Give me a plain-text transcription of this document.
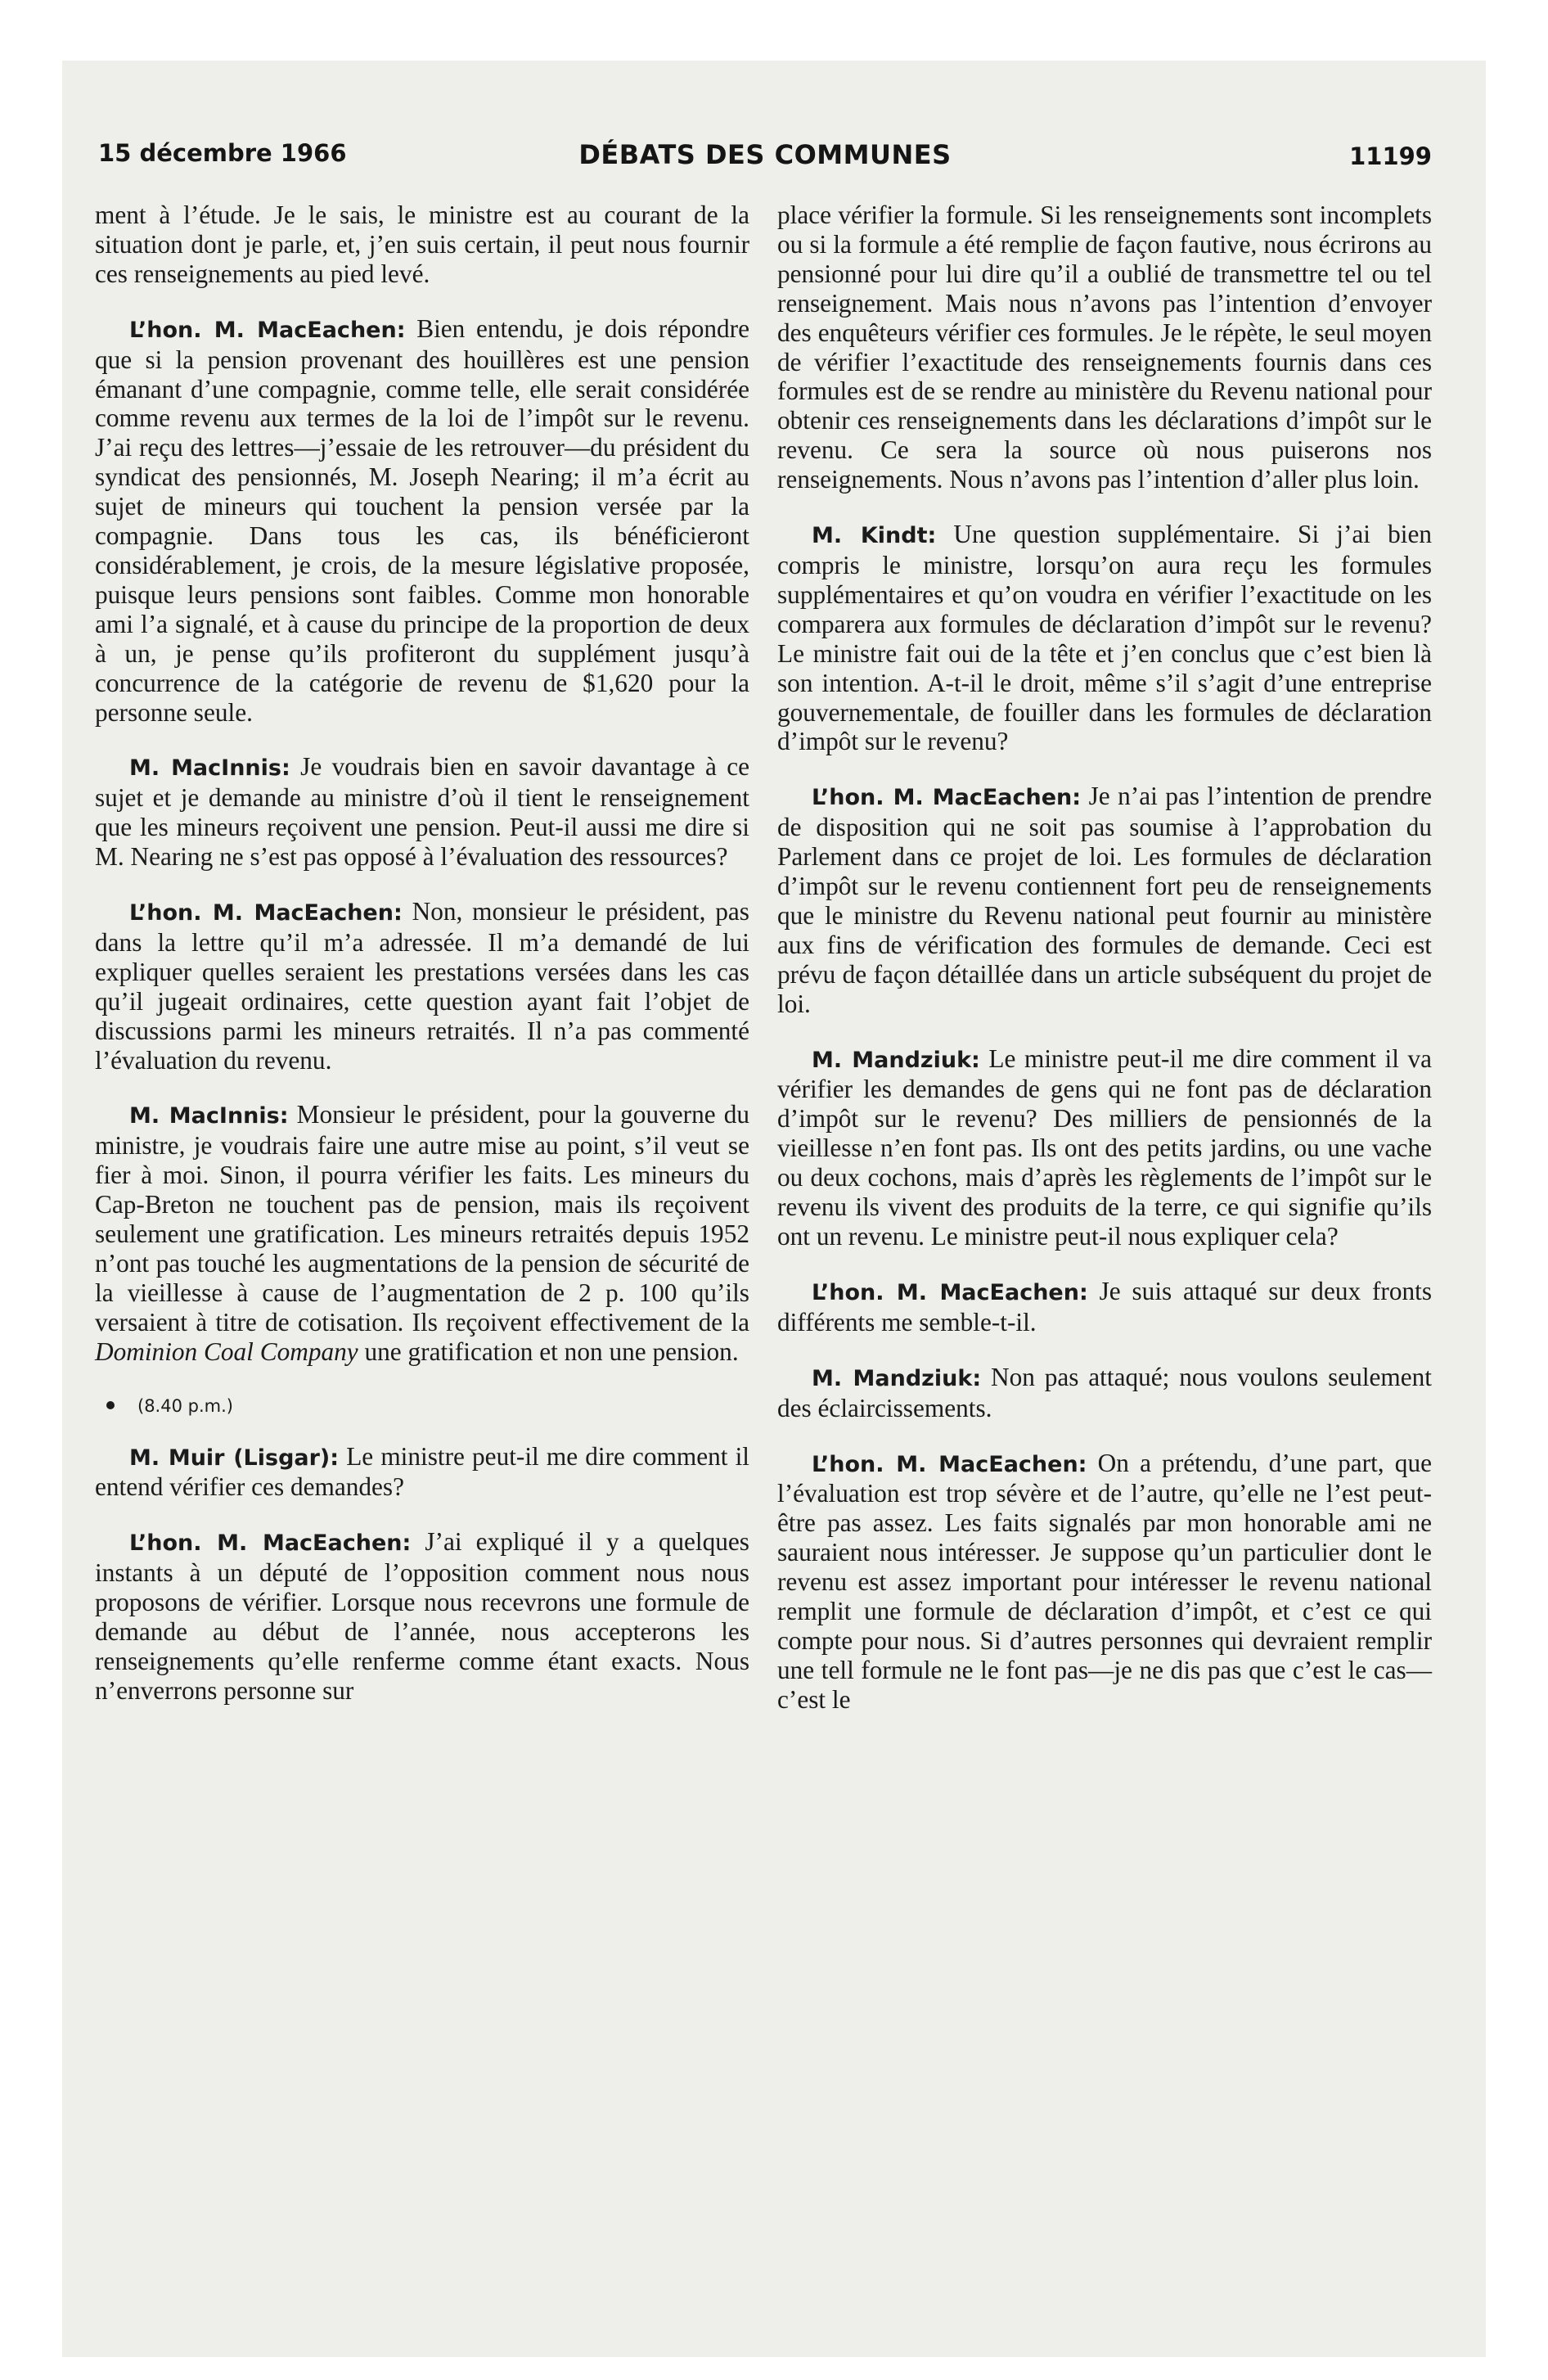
15 décembre 1966	DÉBATS DES COMMUNES	11199

ment à l’étude. Je le sais, le ministre est au courant de la situation dont je parle, et, j’en suis certain, il peut nous fournir ces renseignements au pied levé.

L’hon. M. MacEachen: Bien entendu, je dois répondre que si la pension provenant des houillères est une pension émanant d’une compagnie, comme telle, elle serait considérée comme revenu aux termes de la loi de l’impôt sur le revenu. J’ai reçu des lettres—j’essaie de les retrouver—du président du syndicat des pensionnés, M. Joseph Nearing; il m’a écrit au sujet de mineurs qui touchent la pension versée par la compagnie. Dans tous les cas, ils bénéficieront considérablement, je crois, de la mesure législative proposée, puisque leurs pensions sont faibles. Comme mon honorable ami l’a signalé, et à cause du principe de la proportion de deux à un, je pense qu’ils profiteront du supplément jusqu’à concurrence de la catégorie de revenu de $1,620 pour la personne seule.

M. MacInnis: Je voudrais bien en savoir davantage à ce sujet et je demande au ministre d’où il tient le renseignement que les mineurs reçoivent une pension. Peut-il aussi me dire si M. Nearing ne s’est pas opposé à l’évaluation des ressources?

L’hon. M. MacEachen: Non, monsieur le président, pas dans la lettre qu’il m’a adressée. Il m’a demandé de lui expliquer quelles seraient les prestations versées dans les cas qu’il jugeait ordinaires, cette question ayant fait l’objet de discussions parmi les mineurs retraités. Il n’a pas commenté l’évaluation du revenu.

M. MacInnis: Monsieur le président, pour la gouverne du ministre, je voudrais faire une autre mise au point, s’il veut se fier à moi. Sinon, il pourra vérifier les faits. Les mineurs du Cap-Breton ne touchent pas de pension, mais ils reçoivent seulement une gratification. Les mineurs retraités depuis 1952 n’ont pas touché les augmentations de la pension de sécurité de la vieillesse à cause de l’augmentation de 2 p. 100 qu’ils versaient à titre de cotisation. Ils reçoivent effectivement de la Dominion Coal Company une gratification et non une pension.

(8.40 p.m.)

M. Muir (Lisgar): Le ministre peut-il me dire comment il entend vérifier ces demandes?

L’hon. M. MacEachen: J’ai expliqué il y a quelques instants à un député de l’opposition comment nous nous proposons de vérifier. Lorsque nous recevrons une formule de demande au début de l’année, nous accepterons les renseignements qu’elle renferme comme étant exacts. Nous n’enverrons personne sur

place vérifier la formule. Si les renseignements sont incomplets ou si la formule a été remplie de façon fautive, nous écrirons au pensionné pour lui dire qu’il a oublié de transmettre tel ou tel renseignement. Mais nous n’avons pas l’intention d’envoyer des enquêteurs vérifier ces formules. Je le répète, le seul moyen de vérifier l’exactitude des renseignements fournis dans ces formules est de se rendre au ministère du Revenu national pour obtenir ces renseignements dans les déclarations d’impôt sur le revenu. Ce sera la source où nous puiserons nos renseignements. Nous n’avons pas l’intention d’aller plus loin.

M. Kindt: Une question supplémentaire. Si j’ai bien compris le ministre, lorsqu’on aura reçu les formules supplémentaires et qu’on voudra en vérifier l’exactitude on les comparera aux formules de déclaration d’impôt sur le revenu? Le ministre fait oui de la tête et j’en conclus que c’est bien là son intention. A-t-il le droit, même s’il s’agit d’une entreprise gouvernementale, de fouiller dans les formules de déclaration d’impôt sur le revenu?

L’hon. M. MacEachen: Je n’ai pas l’intention de prendre de disposition qui ne soit pas soumise à l’approbation du Parlement dans ce projet de loi. Les formules de déclaration d’impôt sur le revenu contiennent fort peu de renseignements que le ministre du Revenu national peut fournir au ministère aux fins de vérification des formules de demande. Ceci est prévu de façon détaillée dans un article subséquent du projet de loi.

M. Mandziuk: Le ministre peut-il me dire comment il va vérifier les demandes de gens qui ne font pas de déclaration d’impôt sur le revenu? Des milliers de pensionnés de la vieillesse n’en font pas. Ils ont des petits jardins, ou une vache ou deux cochons, mais d’après les règlements de l’impôt sur le revenu ils vivent des produits de la terre, ce qui signifie qu’ils ont un revenu. Le ministre peut-il nous expliquer cela?

L’hon. M. MacEachen: Je suis attaqué sur deux fronts différents me semble-t-il.

M. Mandziuk: Non pas attaqué; nous voulons seulement des éclaircissements.

L’hon. M. MacEachen: On a prétendu, d’une part, que l’évaluation est trop sévère et de l’autre, qu’elle ne l’est peut-être pas assez. Les faits signalés par mon honorable ami ne sauraient nous intéresser. Je suppose qu’un particulier dont le revenu est assez important pour intéresser le revenu national remplit une formule de déclaration d’impôt, et c’est ce qui compte pour nous. Si d’autres personnes qui devraient remplir une tell formule ne le font pas—je ne dis pas que c’est le cas—c’est le
